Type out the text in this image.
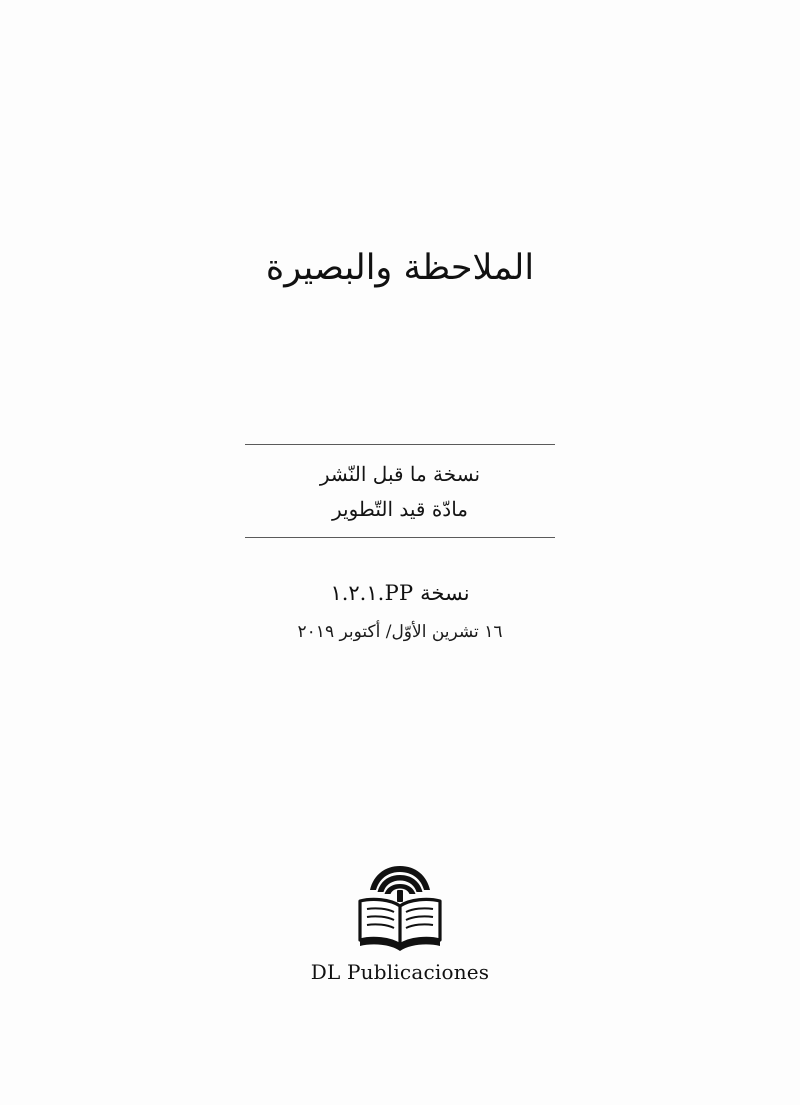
الملاحظة والبصيرة
نسخة ما قبل النّشر
مادّة قيد التّطوير
نسخة PP.١.٢.١
١٦ تشرين الأوّل/ أكتوبر ٢٠١٩
DL Publicaciones
